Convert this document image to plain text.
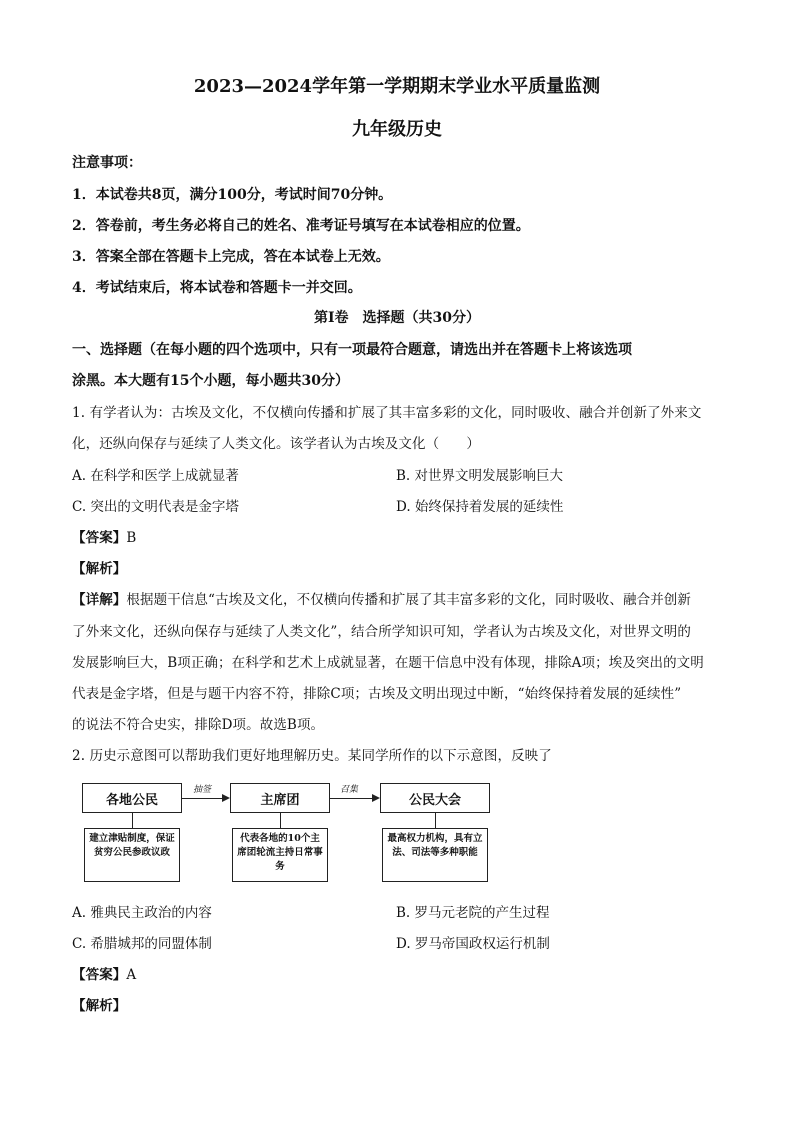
2023—2024学年第一学期期末学业水平质量监测
九年级历史
注意事项：
1．本试卷共8页，满分100分，考试时间70分钟。
2．答卷前，考生务必将自己的姓名、准考证号填写在本试卷相应的位置。
3．答案全部在答题卡上完成，答在本试卷上无效。
4．考试结束后，将本试卷和答题卡一并交回。
第Ⅰ卷　选择题（共30分）
一、选择题（在每小题的四个选项中，只有一项最符合题意，请选出并在答题卡上将该选项
涂黑。本大题有15个小题，每小题共30分）
1. 有学者认为：古埃及文化，不仅横向传播和扩展了其丰富多彩的文化，同时吸收、融合并创新了外来文
化，还纵向保存与延续了人类文化。该学者认为古埃及文化（　　）
A. 在科学和医学上成就显著	B. 对世界文明发展影响巨大
C. 突出的文明代表是金字塔	D. 始终保持着发展的延续性
【答案】B
【解析】
【详解】根据题干信息“古埃及文化，不仅横向传播和扩展了其丰富多彩的文化，同时吸收、融合并创新
了外来文化，还纵向保存与延续了人类文化”，结合所学知识可知，学者认为古埃及文化，对世界文明的
发展影响巨大，B项正确；在科学和艺术上成就显著，在题干信息中没有体现，排除A项；埃及突出的文明
代表是金字塔，但是与题干内容不符，排除C项；古埃及文明出现过中断，“始终保持着发展的延续性”
的说法不符合史实，排除D项。故选B项。
2. 历史示意图可以帮助我们更好地理解历史。某同学所作的以下示意图，反映了
各地公民	主席团	公民大会
抽签	召集
建立津贴制度，保证贫穷公民参政议政
代表各地的10个主席团轮流主持日常事务
最高权力机构，具有立法、司法等多种职能
A. 雅典民主政治的内容	B. 罗马元老院的产生过程
C. 希腊城邦的同盟体制	D. 罗马帝国政权运行机制
【答案】A
【解析】
